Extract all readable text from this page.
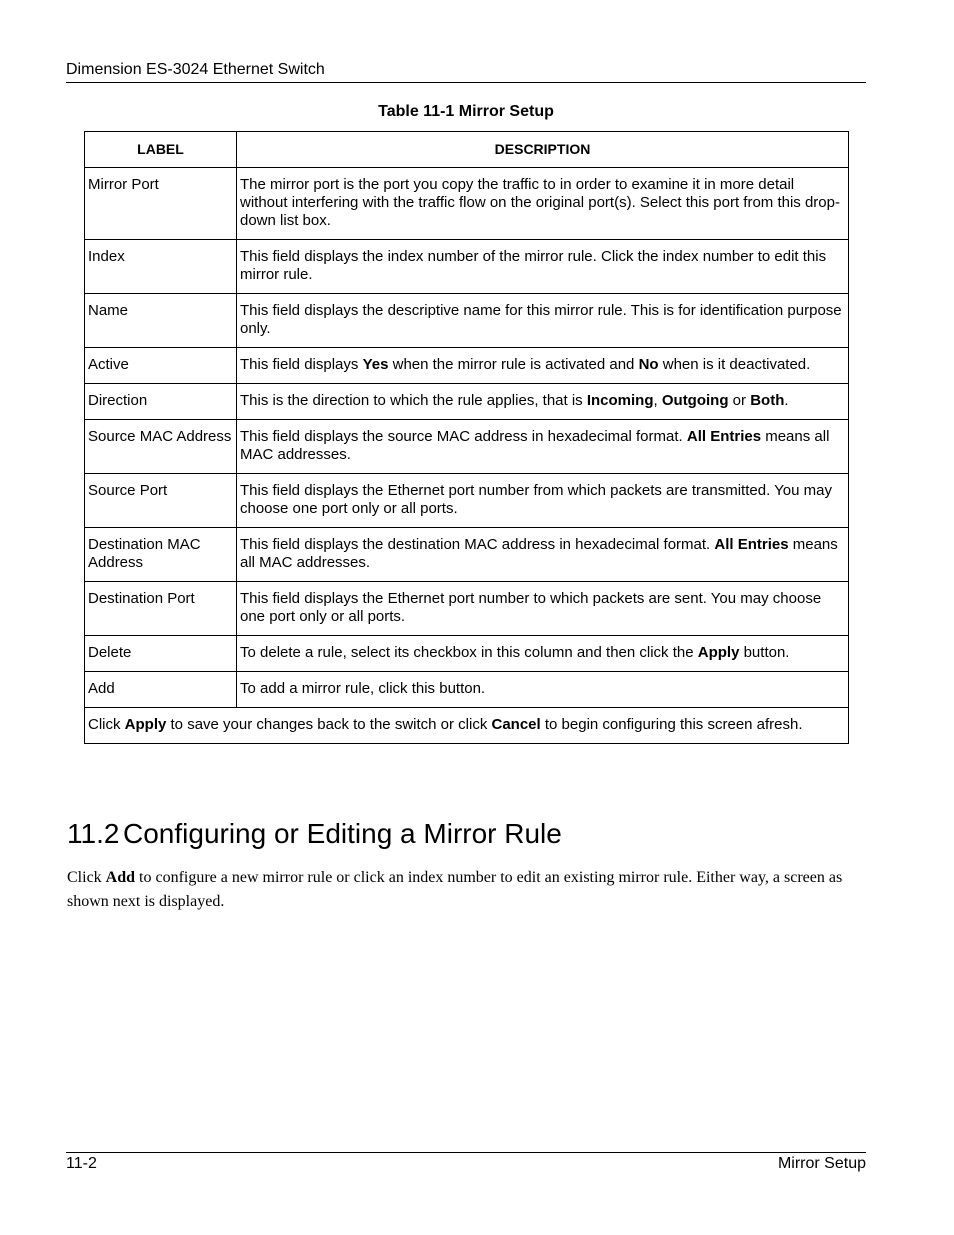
Dimension ES-3024 Ethernet Switch
Table 11-1 Mirror Setup
LABEL	DESCRIPTION
Mirror Port	The mirror port is the port you copy the traffic to in order to examine it in more detail without interfering with the traffic flow on the original port(s). Select this port from this drop-down list box.
Index	This field displays the index number of the mirror rule. Click the index number to edit this mirror rule.
Name	This field displays the descriptive name for this mirror rule. This is for identification purpose only.
Active	This field displays Yes when the mirror rule is activated and No when is it deactivated.
Direction	This is the direction to which the rule applies, that is Incoming, Outgoing or Both.
Source MAC Address	This field displays the source MAC address in hexadecimal format. All Entries means all MAC addresses.
Source Port	This field displays the Ethernet port number from which packets are transmitted. You may choose one port only or all ports.
Destination MAC Address	This field displays the destination MAC address in hexadecimal format. All Entries means all MAC addresses.
Destination Port	This field displays the Ethernet port number to which packets are sent. You may choose one port only or all ports.
Delete	To delete a rule, select its checkbox in this column and then click the Apply button.
Add	To add a mirror rule, click this button.
Click Apply to save your changes back to the switch or click Cancel to begin configuring this screen afresh.	
11.2 Configuring or Editing a Mirror Rule

Click Add to configure a new mirror rule or click an index number to edit an existing mirror rule. Either way, a screen as shown next is displayed.

11-2	Mirror Setup
